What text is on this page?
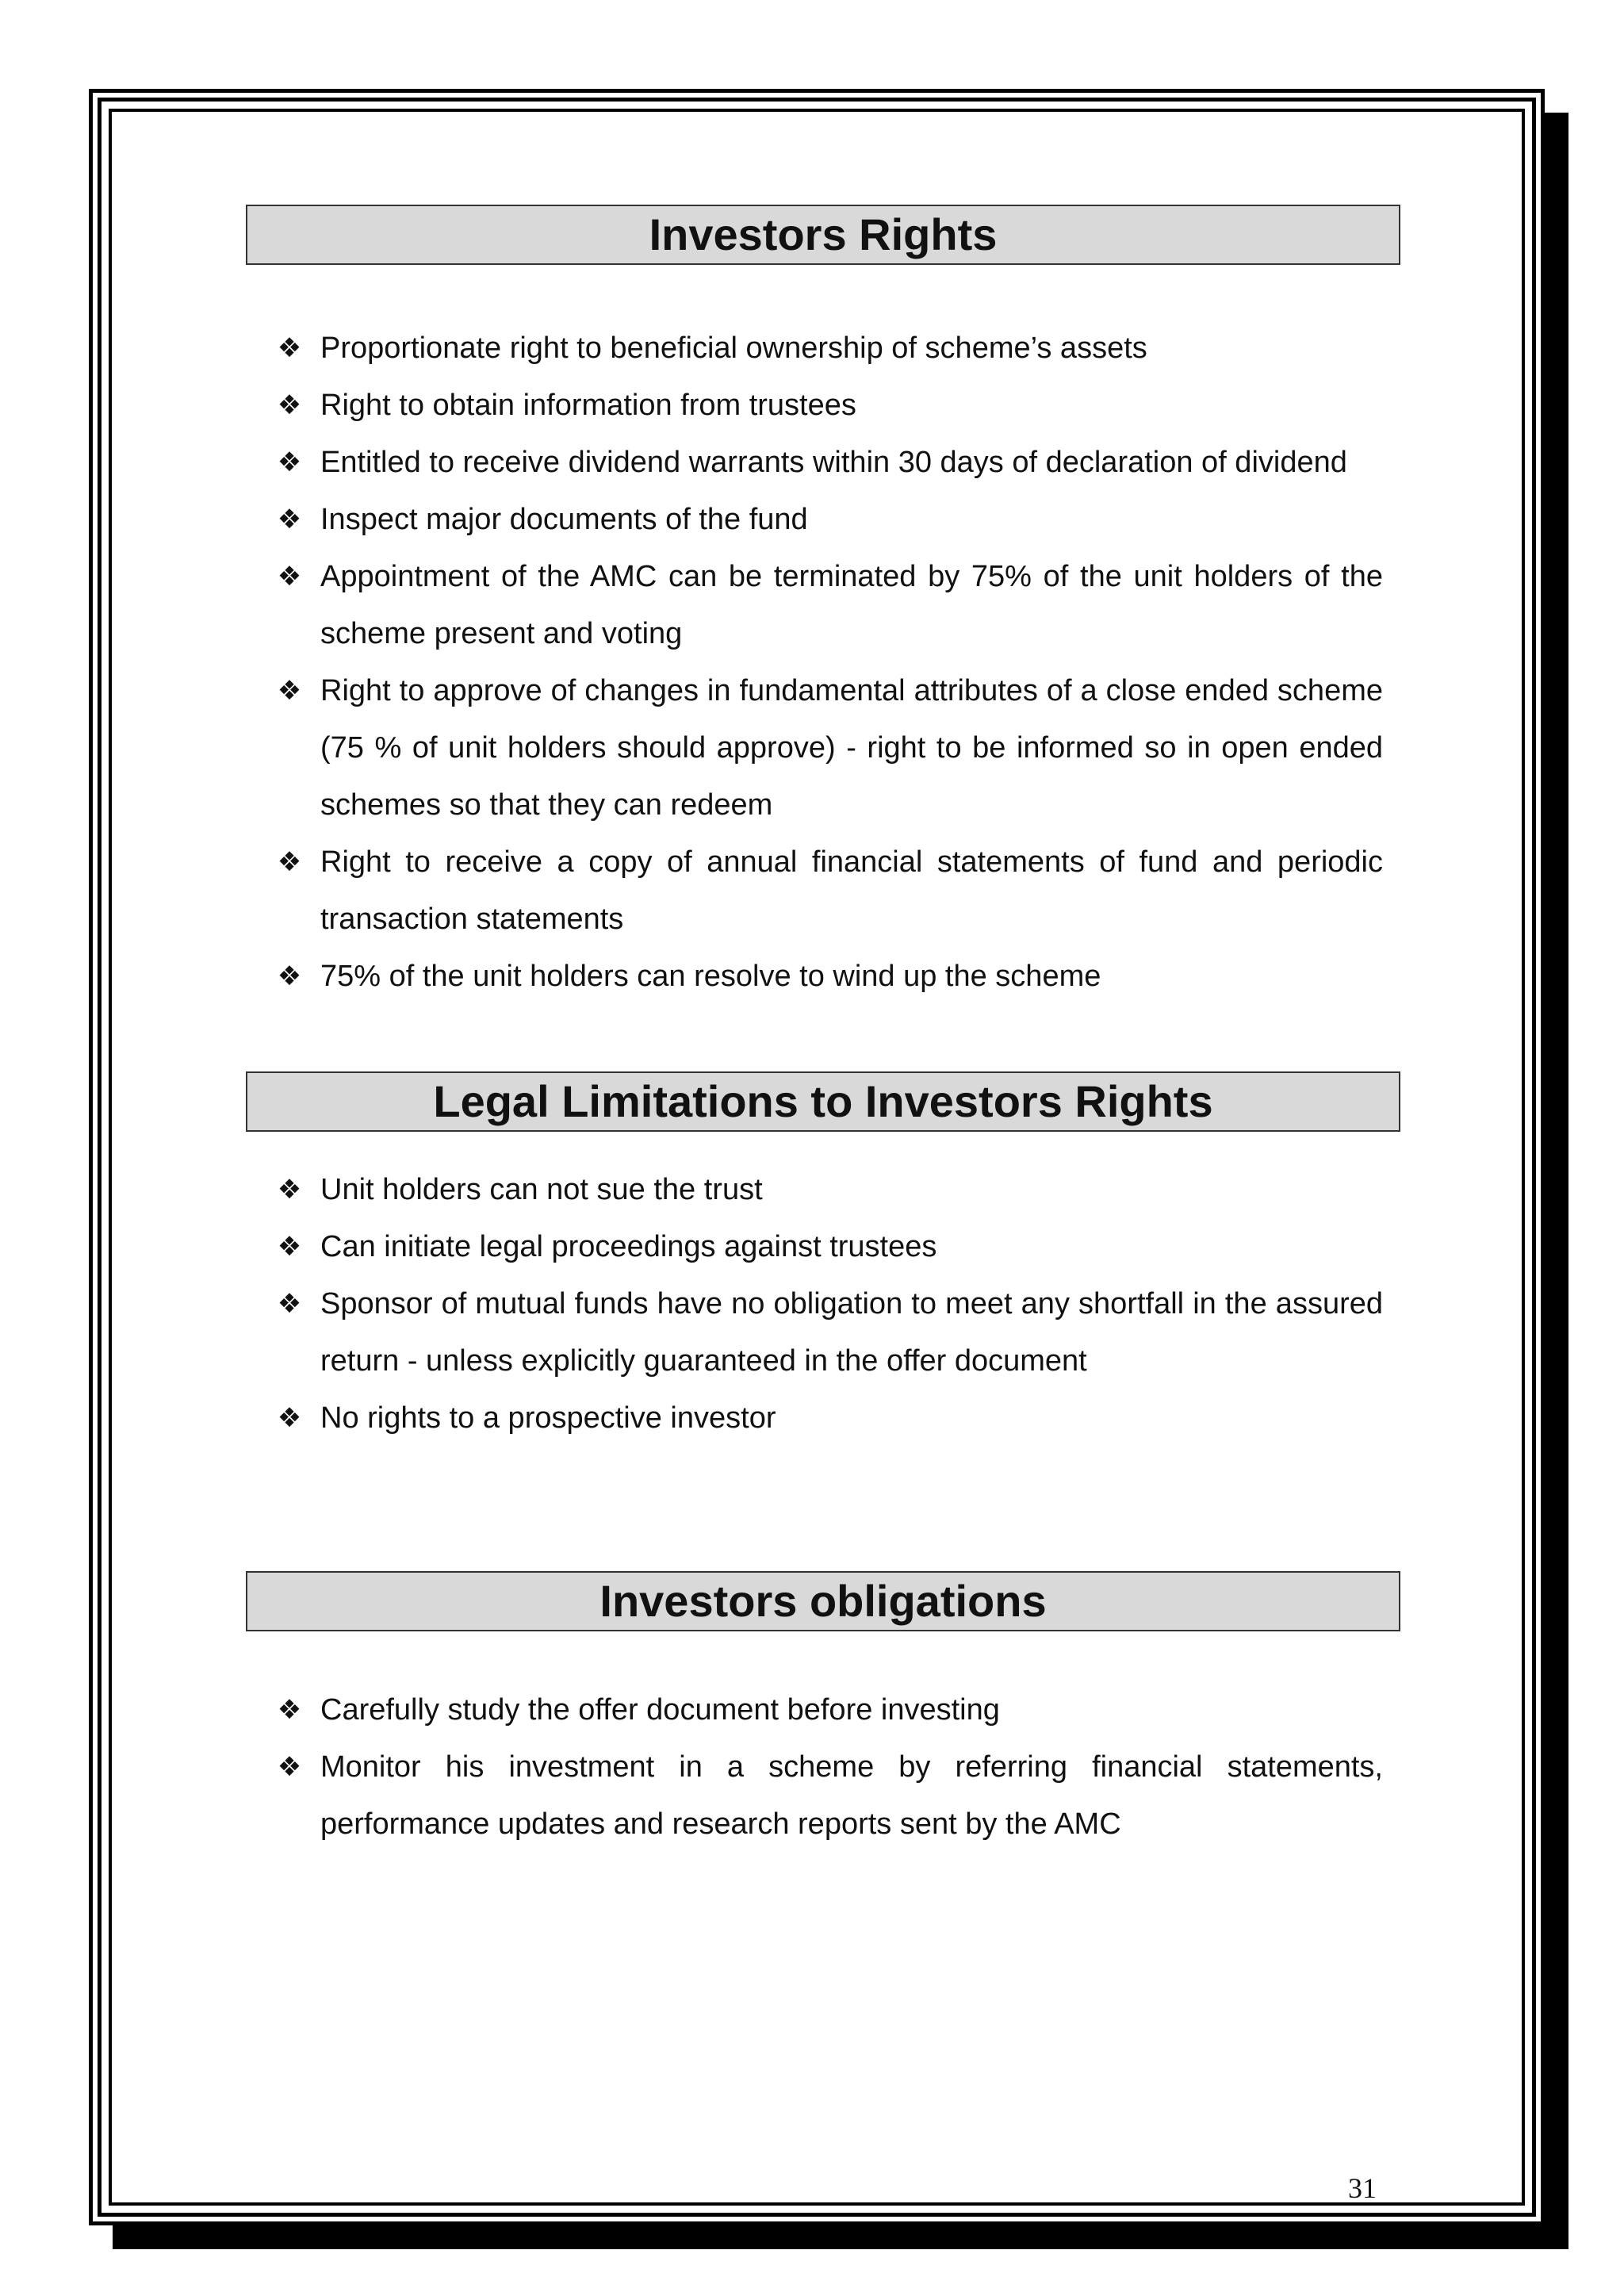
Investors Rights
❖ Proportionate right to beneficial ownership of scheme’s assets
❖ Right to obtain information from trustees
❖ Entitled to receive dividend warrants within 30 days of declaration of dividend
❖ Inspect major documents of the fund
❖ Appointment of the AMC can be terminated by 75% of the unit holders of the scheme present and voting
❖ Right to approve of changes in fundamental attributes of a close ended scheme (75 % of unit holders should approve) - right to be informed so in open ended schemes so that they can redeem
❖ Right to receive a copy of annual financial statements of fund and periodic transaction statements
❖ 75% of the unit holders can resolve to wind up the scheme
Legal Limitations to Investors Rights
❖ Unit holders can not sue the trust
❖ Can initiate legal proceedings against trustees
❖ Sponsor of mutual funds have no obligation to meet any shortfall in the assured return - unless explicitly guaranteed in the offer document
❖ No rights to a prospective investor
Investors obligations
❖ Carefully study the offer document before investing
❖ Monitor his investment in a scheme by referring financial statements, performance updates and research reports sent by the AMC
31
